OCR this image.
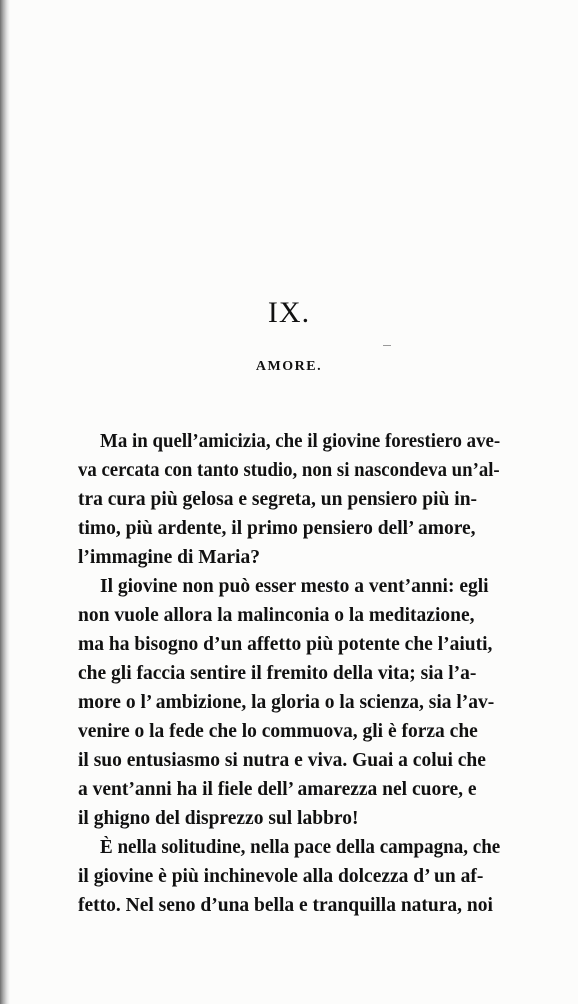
IX.
AMORE.
Ma in quell’amicizia, che il giovine forestiero ave-
va cercata con tanto studio, non si nascondeva un’al-
tra cura più gelosa e segreta, un pensiero più in-
timo, più ardente, il primo pensiero dell’ amore,
l’immagine di Maria?
Il giovine non può esser mesto a vent’anni: egli
non vuole allora la malinconia o la meditazione,
ma ha bisogno d’un affetto più potente che l’aiuti,
che gli faccia sentire il fremito della vita; sia l’a-
more o l’ ambizione, la gloria o la scienza, sia l’av-
venire o la fede che lo commuova, gli è forza che
il suo entusiasmo si nutra e viva. Guai a colui che
a vent’anni ha il fiele dell’ amarezza nel cuore, e
il ghigno del disprezzo sul labbro!
È nella solitudine, nella pace della campagna, che
il giovine è più inchinevole alla dolcezza d’ un af-
fetto. Nel seno d’una bella e tranquilla natura, noi
